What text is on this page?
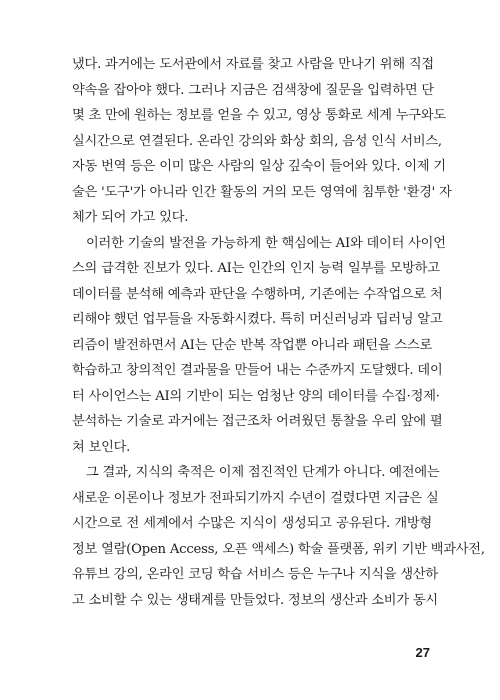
냈다. 과거에는 도서관에서 자료를 찾고 사람을 만나기 위해 직접
약속을 잡아야 했다. 그러나 지금은 검색창에 질문을 입력하면 단
몇 초 만에 원하는 정보를 얻을 수 있고, 영상 통화로 세계 누구와도
실시간으로 연결된다. 온라인 강의와 화상 회의, 음성 인식 서비스,
자동 번역 등은 이미 많은 사람의 일상 깊숙이 들어와 있다. 이제 기
술은 '도구'가 아니라 인간 활동의 거의 모든 영역에 침투한 '환경' 자
체가 되어 가고 있다.
이러한 기술의 발전을 가능하게 한 핵심에는 AI와 데이터 사이언
스의 급격한 진보가 있다. AI는 인간의 인지 능력 일부를 모방하고
데이터를 분석해 예측과 판단을 수행하며, 기존에는 수작업으로 처
리해야 했던 업무들을 자동화시켰다. 특히 머신러닝과 딥러닝 알고
리즘이 발전하면서 AI는 단순 반복 작업뿐 아니라 패턴을 스스로
학습하고 창의적인 결과물을 만들어 내는 수준까지 도달했다. 데이
터 사이언스는 AI의 기반이 되는 엄청난 양의 데이터를 수집·정제·
분석하는 기술로 과거에는 접근조차 어려웠던 통찰을 우리 앞에 펼
쳐 보인다.
그 결과, 지식의 축적은 이제 점진적인 단계가 아니다. 예전에는
새로운 이론이나 정보가 전파되기까지 수년이 걸렸다면 지금은 실
시간으로 전 세계에서 수많은 지식이 생성되고 공유된다. 개방형
정보 열람(Open Access, 오픈 액세스) 학술 플랫폼, 위키 기반 백과사전,
유튜브 강의, 온라인 코딩 학습 서비스 등은 누구나 지식을 생산하
고 소비할 수 있는 생태계를 만들었다. 정보의 생산과 소비가 동시
27
